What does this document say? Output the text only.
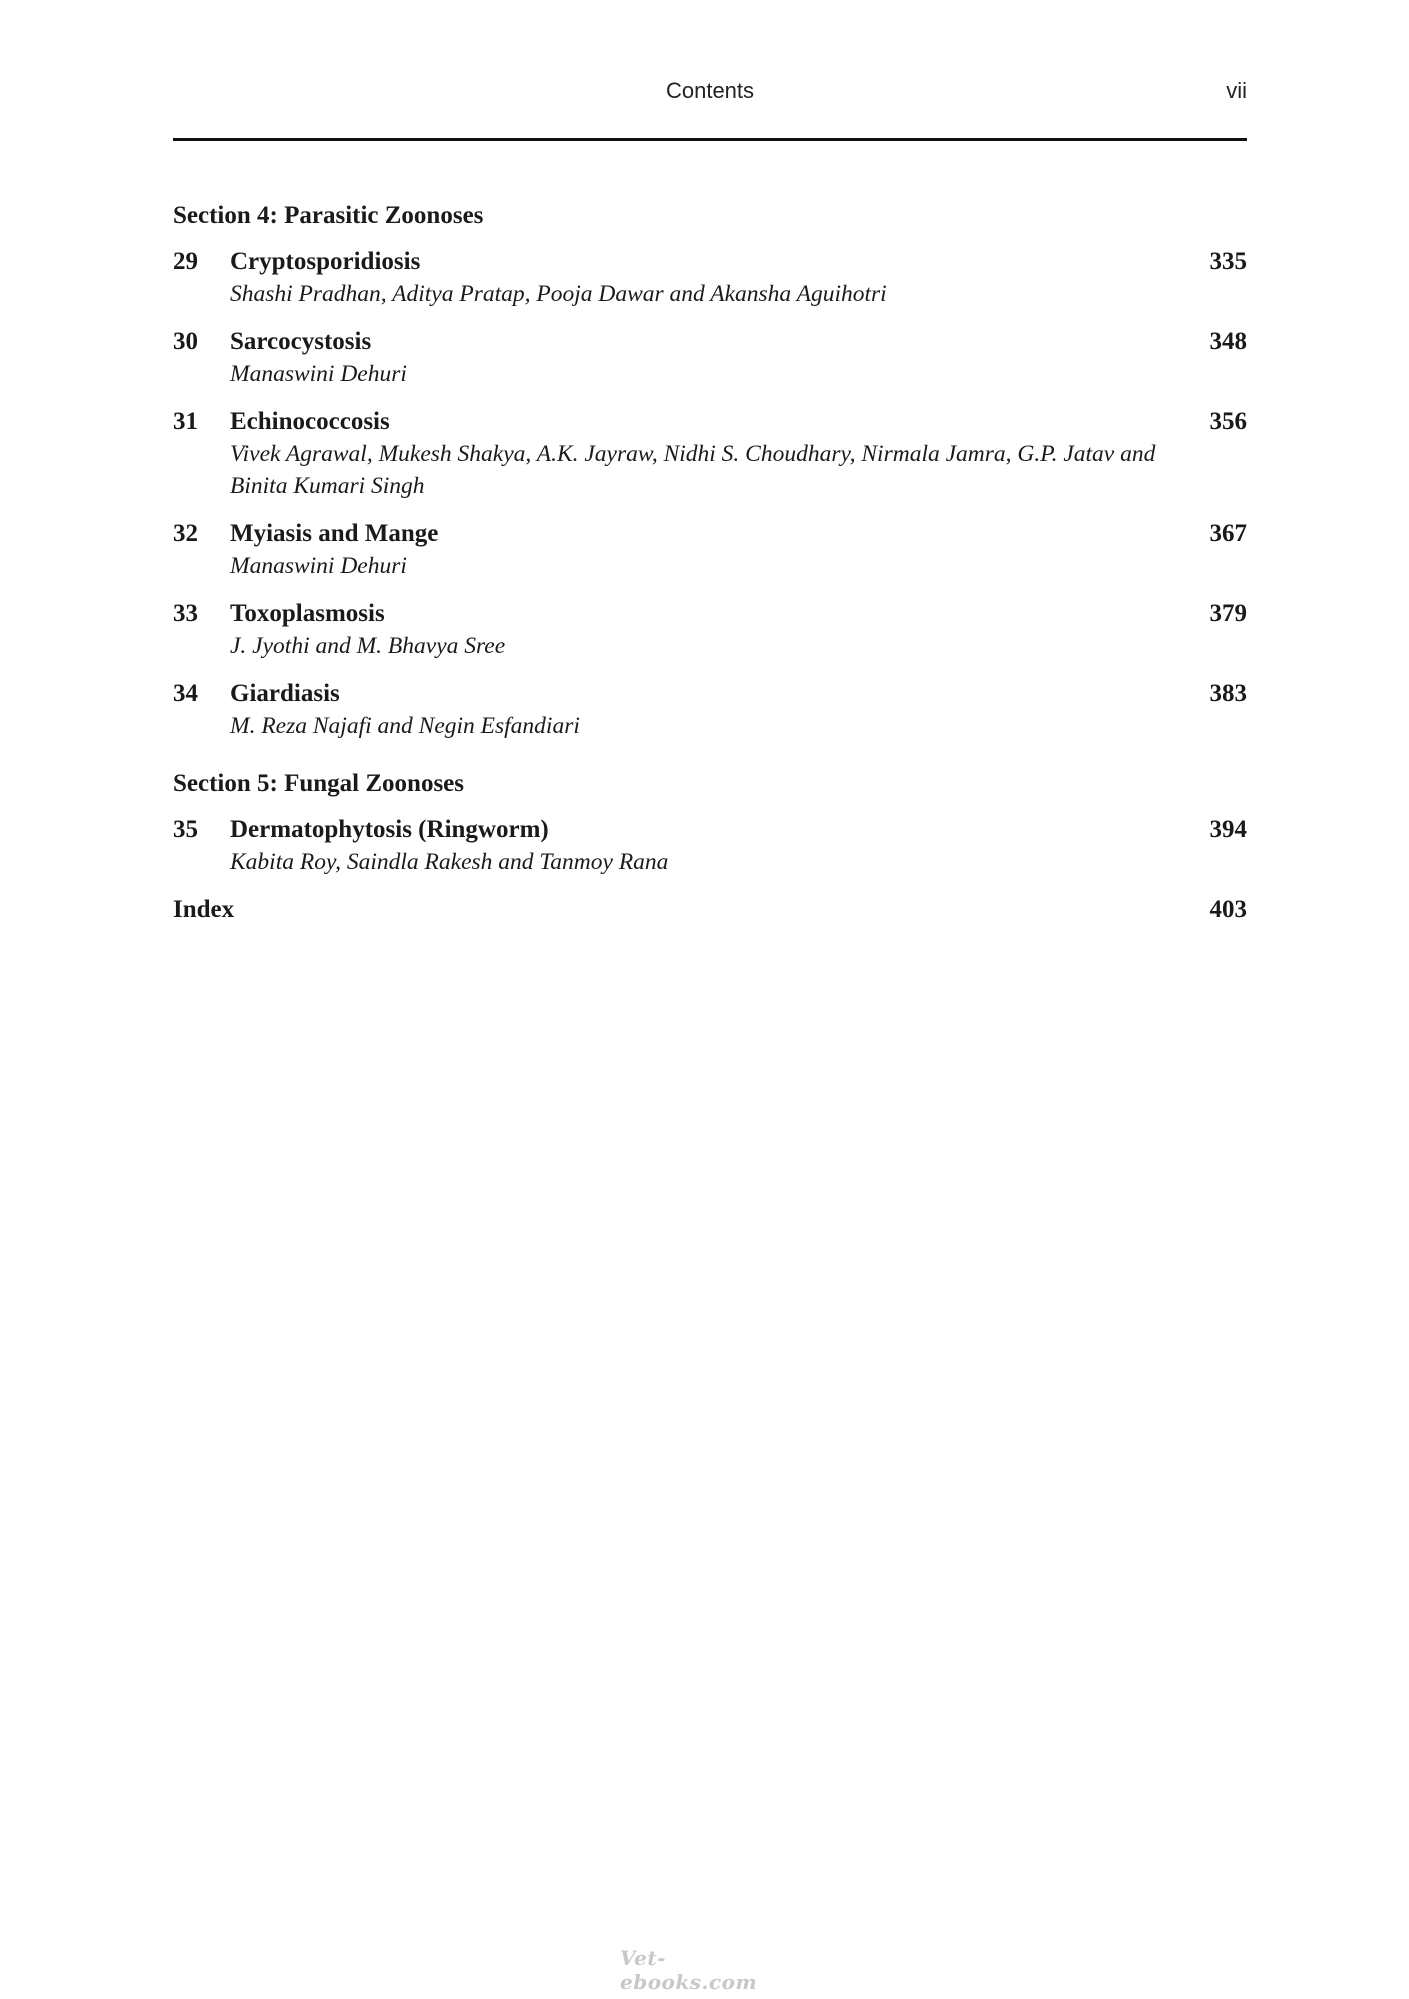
Contents	vii
Section 4: Parasitic Zoonoses
29 Cryptosporidiosis
Shashi Pradhan, Aditya Pratap, Pooja Dawar and Akansha Aguihotri
335
30 Sarcocystosis
Manaswini Dehuri
348
31 Echinococcosis
Vivek Agrawal, Mukesh Shakya, A.K. Jayraw, Nidhi S. Choudhary, Nirmala Jamra, G.P. Jatav and Binita Kumari Singh
356
32 Myiasis and Mange
Manaswini Dehuri
367
33 Toxoplasmosis
J. Jyothi and M. Bhavya Sree
379
34 Giardiasis
M. Reza Najafi and Negin Esfandiari
383
Section 5: Fungal Zoonoses
35 Dermatophytosis (Ringworm)
Kabita Roy, Saindla Rakesh and Tanmoy Rana
394
Index	403
Vet-ebooks.com
